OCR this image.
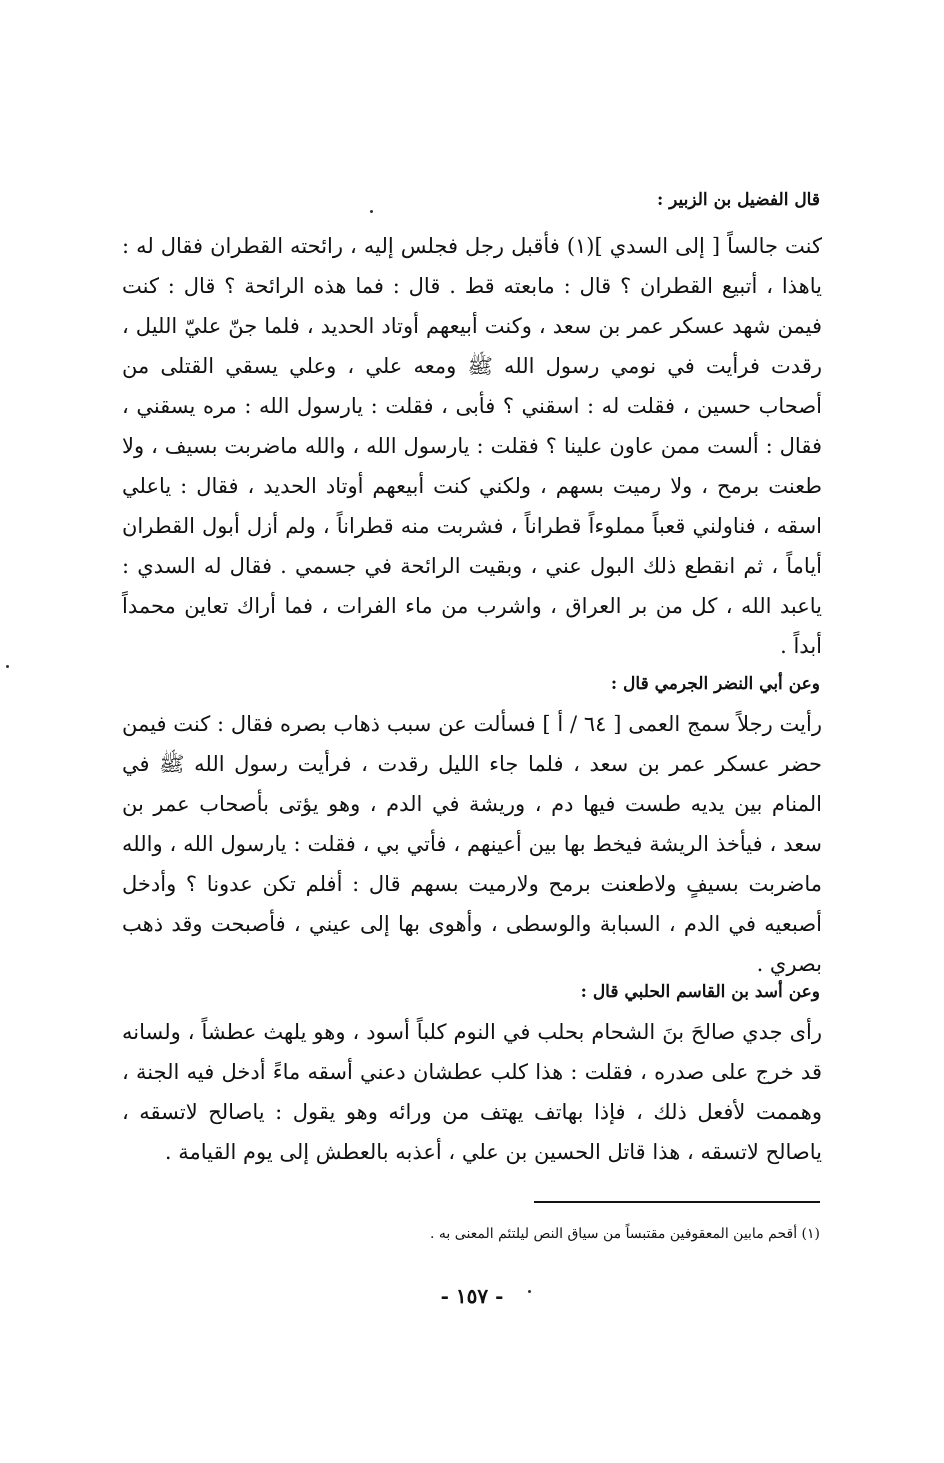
قال الفضيل بن الزبير :

كنت جالساً [ إلى السدي ](١) فأقبل رجل فجلس إليه ، رائحته القطران فقال له : ياهذا ، أتبيع القطران ؟ قال : مابعته قط . قال : فما هذه الرائحة ؟ قال : كنت فيمن شهد عسكر عمر بن سعد ، وكنت أبيعهم أوتاد الحديد ، فلما جنّ عليّ الليل ، رقدت فرأيت في نومي رسول الله ﷺ ومعه علي ، وعلي يسقي القتلى من أصحاب حسين ، فقلت له : اسقني ؟ فأبى ، فقلت : يارسول الله : مره يسقني ، فقال : ألست ممن عاون علينا ؟ فقلت : يارسول الله ، والله ماضربت بسيف ، ولا طعنت برمح ، ولا رميت بسهم ، ولكني كنت أبيعهم أوتاد الحديد ، فقال : ياعلي اسقه ، فناولني قعباً مملوءاً قطراناً ، فشربت منه قطراناً ، ولم أزل أبول القطران أياماً ، ثم انقطع ذلك البول عني ، وبقيت الرائحة في جسمي . فقال له السدي : ياعبد الله ، كل من بر العراق ، واشرب من ماء الفرات ، فما أراك تعاين محمداً أبداً .

وعن أبي النضر الجرمي قال :

رأيت رجلاً سمج العمى [ ٦٤ / أ ] فسألت عن سبب ذهاب بصره فقال : كنت فيمن حضر عسكر عمر بن سعد ، فلما جاء الليل رقدت ، فرأيت رسول الله ﷺ في المنام بين يديه طست فيها دم ، وريشة في الدم ، وهو يؤتى بأصحاب عمر بن سعد ، فيأخذ الريشة فيخط بها بين أعينهم ، فأتي بي ، فقلت : يارسول الله ، والله ماضربت بسيفٍ ولاطعنت برمح ولارميت بسهم قال : أفلم تكن عدونا ؟ وأدخل أصبعيه في الدم ، السبابة والوسطى ، وأهوى بها إلى عيني ، فأصبحت وقد ذهب بصري .

وعن أسد بن القاسم الحلبي قال :

رأى جدي صالحَ بنَ الشحام بحلب في النوم كلباً أسود ، وهو يلهث عطشاً ، ولسانه قد خرج على صدره ، فقلت : هذا كلب عطشان دعني أسقه ماءً أدخل فيه الجنة ، وهممت لأفعل ذلك ، فإذا بهاتف يهتف من ورائه وهو يقول : ياصالح لاتسقه ، ياصالح لاتسقه ، هذا قاتل الحسين بن علي ، أعذبه بالعطش إلى يوم القيامة .

(١) أقحم مابين المعقوفين مقتبساً من سياق النص ليلتئم المعنى به .
- ١٥٧ -
